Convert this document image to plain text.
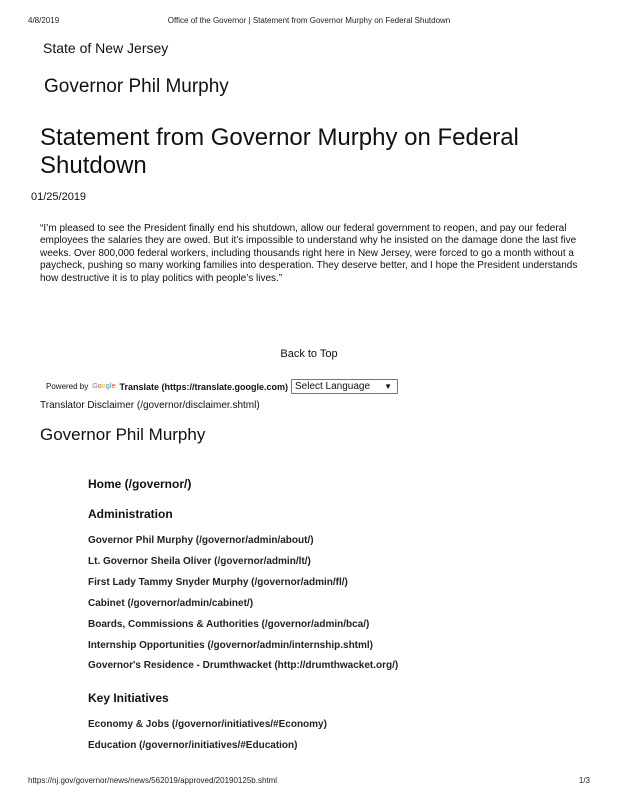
4/8/2019	Office of the Governor | Statement from Governor Murphy on Federal Shutdown
State of New Jersey
Governor Phil Murphy
Statement from Governor Murphy on Federal Shutdown
01/25/2019

“I’m pleased to see the President finally end his shutdown, allow our federal government to reopen, and pay our federal employees the salaries they are owed. But it’s impossible to understand why he insisted on the damage done the last five weeks. Over 800,000 federal workers, including thousands right here in New Jersey, were forced to go a month without a paycheck, pushing so many working families into desperation. They deserve better, and I hope the President understands how destructive it is to play politics with people’s lives.”

Back to Top
Powered by Google Translate (https://translate.google.com) Select Language ▼
Translator Disclaimer (/governor/disclaimer.shtml)
Governor Phil Murphy
Home (/governor/)
Administration
Governor Phil Murphy (/governor/admin/about/)
Lt. Governor Sheila Oliver (/governor/admin/lt/)
First Lady Tammy Snyder Murphy (/governor/admin/fl/)
Cabinet (/governor/admin/cabinet/)
Boards, Commissions & Authorities (/governor/admin/bca/)
Internship Opportunities (/governor/admin/internship.shtml)
Governor's Residence - Drumthwacket (http://drumthwacket.org/)
Key Initiatives
Economy & Jobs (/governor/initiatives/#Economy)
Education (/governor/initiatives/#Education)
https://nj.gov/governor/news/news/562019/approved/20190125b.shtml	1/3
